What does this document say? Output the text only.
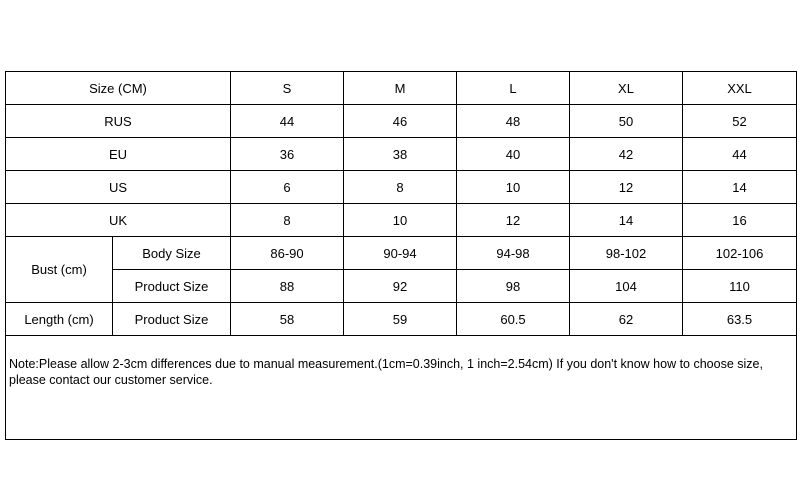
Size (CM)		S	M	L	XL	XXL
RUS		44	46	48	50	52
EU		36	38	40	42	44
US		6	8	10	12	14
UK		8	10	12	14	16
Bust (cm)	Body Size	86-90	90-94	94-98	98-102	102-106
	Product Size	88	92	98	104	110
Length (cm)	Product Size	58	59	60.5	62	63.5
Note:Please allow 2-3cm differences due to manual measurement.(1cm=0.39inch, 1 inch=2.54cm) If you don't know how to choose size, please contact our customer service.						
